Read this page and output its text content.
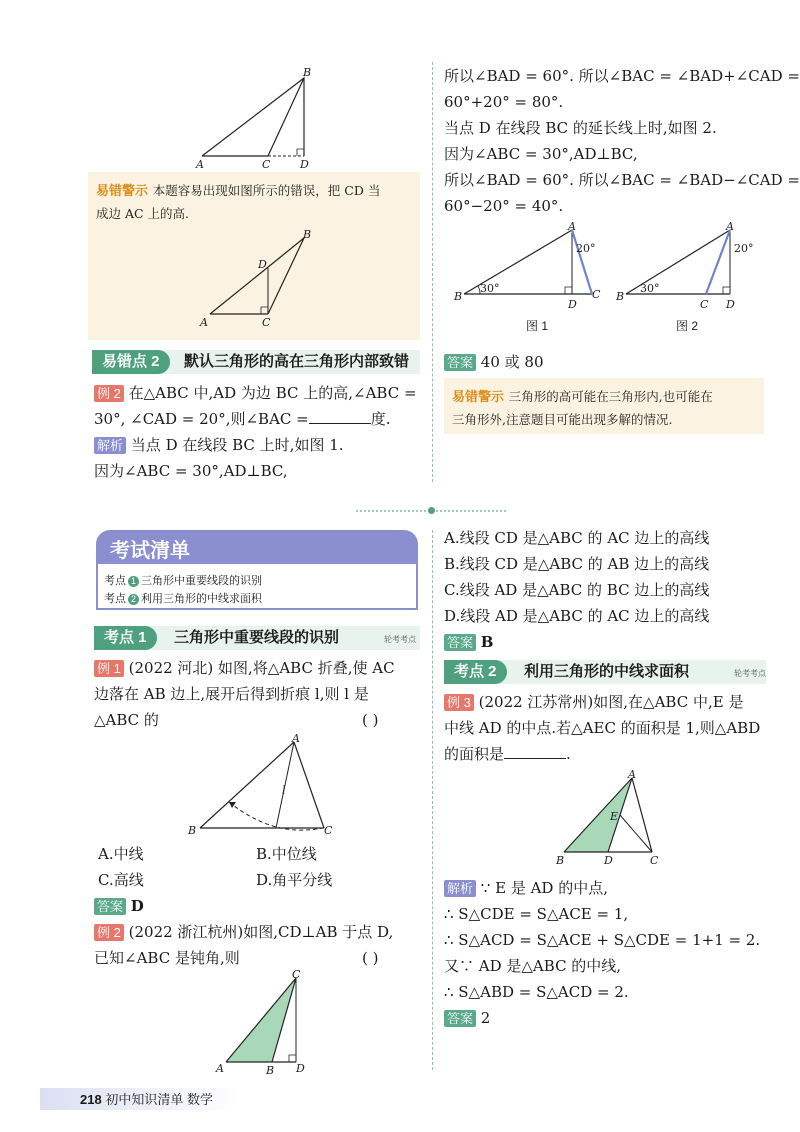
A	C	D
B
易错警示 本题容易出现如图所示的错误，把 CD 当
成边 AC 上的高.
A	C
D
B
易错点 2	默认三角形的高在三角形内部致错
例 2 在△ABC 中,AD 为边 BC 上的高,∠ABC =
30°, ∠CAD = 20°,则∠BAC =	度.
解析 当点 D 在线段 BC 上时,如图 1.
因为∠ABC = 30°,AD⊥BC,
所以∠BAD = 60°. 所以∠BAC = ∠BAD+∠CAD =
60°+20° = 80°.
当点 D 在线段 BC 的延长线上时,如图 2.
因为∠ABC = 30°,AD⊥BC,
所以∠BAD = 60°. 所以∠BAC = ∠BAD−∠CAD =
60°−20° = 40°.
B
D
C
A
30°
20°
B
C D
A
30°
20°
图 1	图 2
答案 40 或 80
易错警示 三角形的高可能在三角形内,也可能在
三角形外,注意题目可能出现多解的情况.
考试清单
考点 1 三角形中重要线段的识别
考点 2 利用三角形的中线求面积
考点 1	三角形中重要线段的识别	轮考考点
例 1 (2022 河北) 如图,将△ABC 折叠,使 AC
边落在 AB 边上,展开后得到折痕 l,则 l 是
△ABC 的	( )
B	C
A
l
A.中线	B.中位线
C.高线	D.角平分线
答案 D
例 2 (2022 浙江杭州)如图,CD⊥AB 于点 D,
已知∠ABC 是钝角,则	( )
A	B D
C
A.线段 CD 是△ABC 的 AC 边上的高线
B.线段 CD 是△ABC 的 AB 边上的高线
C.线段 AD 是△ABC 的 BC 边上的高线
D.线段 AD 是△ABC 的 AC 边上的高线
答案 B
考点 2	利用三角形的中线求面积	轮考考点
例 3 (2022 江苏常州)如图,在△ABC 中,E 是
中线 AD 的中点.若△AEC 的面积是 1,则△ABD
的面积是	.
B	D	C
A
E
解析 ∵ E 是 AD 的中点,
∴ S△CDE = S△ACE = 1,
∴ S△ACD = S△ACE + S△CDE = 1+1 = 2.
又∵ AD 是△ABC 的中线,
∴ S△ABD = S△ACD = 2.
答案 2
218 初中知识清单 数学
